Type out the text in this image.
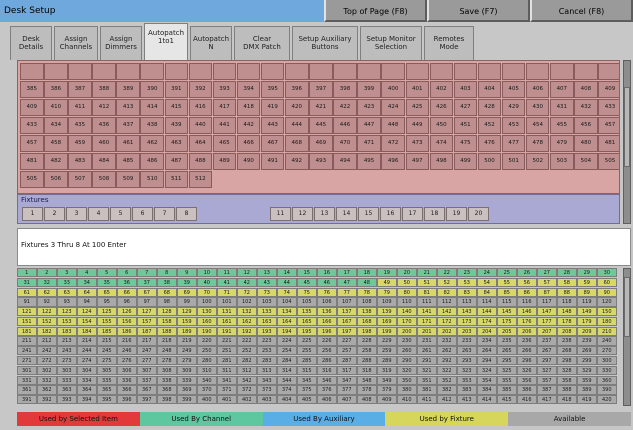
Desk Setup	Top of Page (F8)	Save (F7)	Cancel (F8)
Desk
Details
Assign
Channels
Assign
Dimmers
Autopatch
1to1	Autopatch
N
Clear
DMX Patch
Setup Auxiliary
Buttons
Setup Monitor
Selection
Remotes
Mode
385	386	387	388	389	390	391	392	393	394	395	396	397	398	399	400	401	402	403	404	405	406	407	408	409
409	410	411	412	413	414	415	416	417	418	419	420	421	422	423	424	425	426	427	428	429	430	431	432	433
433	434	435	436	437	438	439	440	441	442	443	444	445	446	447	448	449	450	451	452	453	454	455	456	457
457	458	459	460	461	462	463	464	465	466	467	468	469	470	471	472	473	474	475	476	477	478	479	480	481
481	482	483	484	485	486	487	488	489	490	491	492	493	494	495	496	497	498	499	500	501	502	503	504	505
505	506	507	508	509	510	511	512
Fixtures
1	2	3	4	5	6	7	8	11	12	13	14	15	16	17	18	19	20
Fixtures 3 Thru 8 At 100 Enter
1	2	3	4	5	6	7	8	9	10	11	12	13	14	15	16	17	18	19	20	21	22	23	24	25	26	27	28	29	30
31	32	33	34	35	36	37	38	39	40	41	42	43	44	45	46	47	48	49	50	51	52	53	54	55	56	57	58	59	60
61	62	63	64	65	66	67	68	69	70	71	72	73	74	75	76	77	78	79	80	81	82	83	84	85	86	87	88	89	90
91	92	93	94	95	96	97	98	99	100	101	102	103	104	105	106	107	108	109	110	111	112	113	114	115	116	117	118	119	120
121	122	123	124	125	126	127	128	129	130	131	132	133	134	135	136	137	138	139	140	141	142	143	144	145	146	147	148	149	150
151	152	153	154	155	156	157	158	159	160	161	162	163	164	165	166	167	168	169	170	171	172	173	174	175	176	177	178	179	180
181	182	183	184	185	186	187	188	189	190	191	192	193	194	195	196	197	198	199	200	201	202	203	204	205	206	207	208	209	210
211	212	213	214	215	216	217	218	219	220	221	222	223	224	225	226	227	228	229	230	231	232	233	234	235	236	237	238	239	240
241	242	243	244	245	246	247	248	249	250	251	252	253	254	255	256	257	258	259	260	261	262	263	264	265	266	267	268	269	270
271	272	273	274	275	276	277	278	279	280	281	282	283	284	285	286	287	288	289	290	291	292	293	294	295	296	297	298	299	300
301	302	303	304	305	306	307	308	309	310	311	312	313	314	315	316	317	318	319	320	321	322	323	324	325	326	327	328	329	330
331	332	333	334	335	336	337	338	339	340	341	342	343	344	345	346	347	348	349	350	351	352	353	354	355	356	357	358	359	360
361	362	363	364	365	366	367	368	369	370	371	372	373	374	375	376	377	378	379	380	381	382	383	384	385	386	387	388	389	390
391	392	393	394	395	396	397	398	399	400	401	402	403	404	405	406	407	408	409	410	411	412	413	414	415	416	417	418	419	420
Used by Selected Item	Used By Channel	Used By Auxiliary	Used by Fixture	Available
